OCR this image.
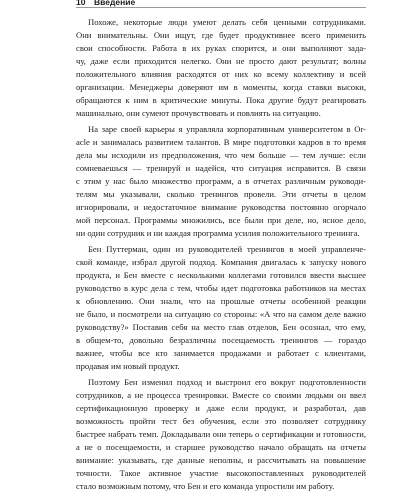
10 Введение
Похоже, некоторые люди умеют делать себя ценными сотрудниками.
Они внимательны. Они ищут, где будет продуктивнее всего применить
свои способности. Работа в их руках спорится, и они выполняют зада-
чу, даже если приходится нелегко. Они не просто дают результат; волны
положительного влияния расходятся от них ко всему коллективу и всей
организации. Менеджеры доверяют им в моменты, когда ставки высоки,
обращаются к ним в критические минуты. Пока другие будут реагировать
машинально, они сумеют прочувствовать и повлиять на ситуацию.
На заре своей карьеры я управляла корпоративным университетом в Or-
acle и занималась развитием талантов. В мире подготовки кадров в то время
дела мы исходили из предположения, что чем больше — тем лучше: если
сомневаешься — тренируй и надейся, что ситуация исправится. В связи
с этим у нас было множество программ, а в отчетах различным руководи-
телям мы указывали, сколько тренингов провели. Эти отчеты в целом
игнорировали, и недостаточное внимание руководства постоянно огорчало
мой персонал. Программы множились, все были при деле, но, ясное дело,
ни один сотрудник и ни каждая программа усилия положительного тренинга.
Бен Путтерман, один из руководителей тренингов в моей управленче-
ской команде, избрал другой подход. Компания двигалась к запуску нового
продукта, и Бен вместе с несколькими коллегами готовился ввести высшее
руководство в курс дела с тем, чтобы идет подготовка работников на местах
к обновлению. Они знали, что на прошлые отчеты особенной реакции
не было, и посмотрели на ситуацию со стороны: «А что на самом деле важно
руководству?» Поставив себя на место глав отделов, Бен осознал, что ему,
в общем-то, довольно безразличны посещаемость тренингов — гораздо
важнее, чтобы все кто занимается продажами и работает с клиентами,
продавая им новый продукт.
Поэтому Бен изменил подход и выстроил его вокруг подготовленности
сотрудников, а не процесса тренировки. Вместе со своими людьми он ввел
сертификационную проверку и даже если продукт, и разработал, дав
возможность пройти тест без обучения, если это позволяет сотруднику
быстрее набрать темп. Докладывали они теперь о сертификации и готовности,
а не о посещаемости, и старшее руководство начало обращать на отчеты
внимание: указывать, где данные неполны, и рассчитывать на повышение
точности. Такое активное участие высокопоставленных руководителей
стало возможным потому, что Бен и его команда упростили им работу.
